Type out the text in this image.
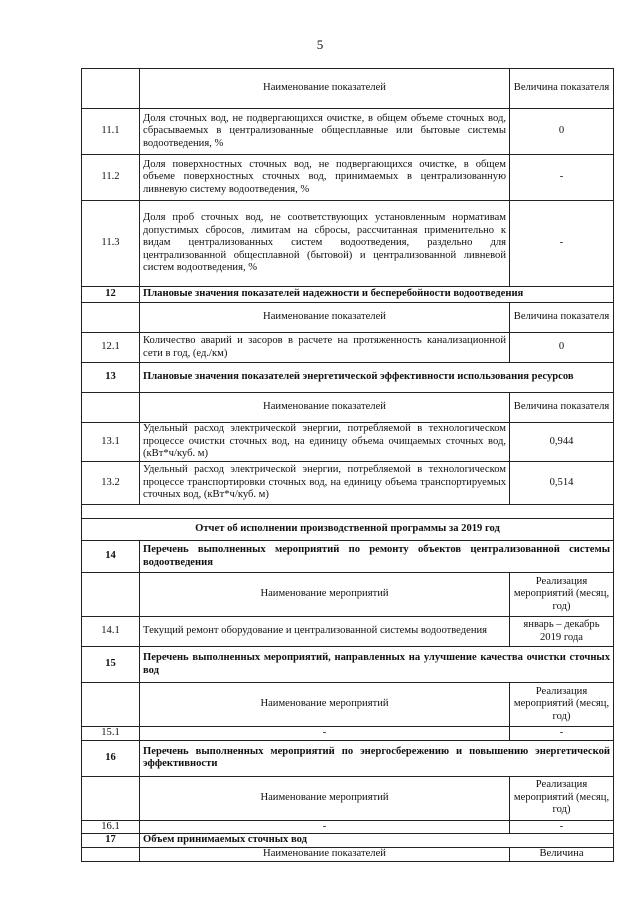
5
	Наименование показателей	Величина показателя
11.1	Доля сточных вод, не подвергающихся очистке, в общем объеме сточных вод, сбрасываемых в централизованные общесплавные или бытовые системы водоотведения, %	0
11.2	Доля поверхностных сточных вод, не подвергающихся очистке, в общем объеме поверхностных сточных вод, принимаемых в централизованную ливневую систему водоотведения, %	-
11.3	Доля проб сточных вод, не соответствующих установленным нормативам допустимых сбросов, лимитам на сбросы, рассчитанная применительно к видам централизованных систем водоотведения, раздельно для централизованной общесплавной (бытовой) и централизованной ливневой систем водоотведения, %	-
12	Плановые значения показателей надежности и бесперебойности водоотведения	
	Наименование показателей	Величина показателя
12.1	Количество аварий и засоров в расчете на протяженность канализационной сети в год, (ед./км)	0
13	Плановые значения показателей энергетической эффективности использования ресурсов	
	Наименование показателей	Величина показателя
13.1	Удельный расход электрической энергии, потребляемой в технологическом процессе очистки сточных вод, на единицу объема очищаемых сточных вод, (кВт*ч/куб. м)	0,944
13.2	Удельный расход электрической энергии, потребляемой в технологическом процессе транспортировки сточных вод, на единицу объема транспортируемых сточных вод, (кВт*ч/куб. м)	0,514

Отчет об исполнении производственной программы за 2019 год		
14	Перечень выполненных мероприятий по ремонту объектов централизованной системы водоотведения	
	Наименование мероприятий	Реализация мероприятий (месяц, год)
14.1	Текущий ремонт оборудование и централизованной системы водоотведения	январь – декабрь 2019 года
15	Перечень выполненных мероприятий, направленных на улучшение качества очистки сточных вод	
	Наименование мероприятий	Реализация мероприятий (месяц, год)
15.1	-	-
16	Перечень выполненных мероприятий по энергосбережению и повышению энергетической эффективности	
	Наименование мероприятий	Реализация мероприятий (месяц, год)
16.1	-	-
17	Объем принимаемых сточных вод	
	Наименование показателей	Величина
